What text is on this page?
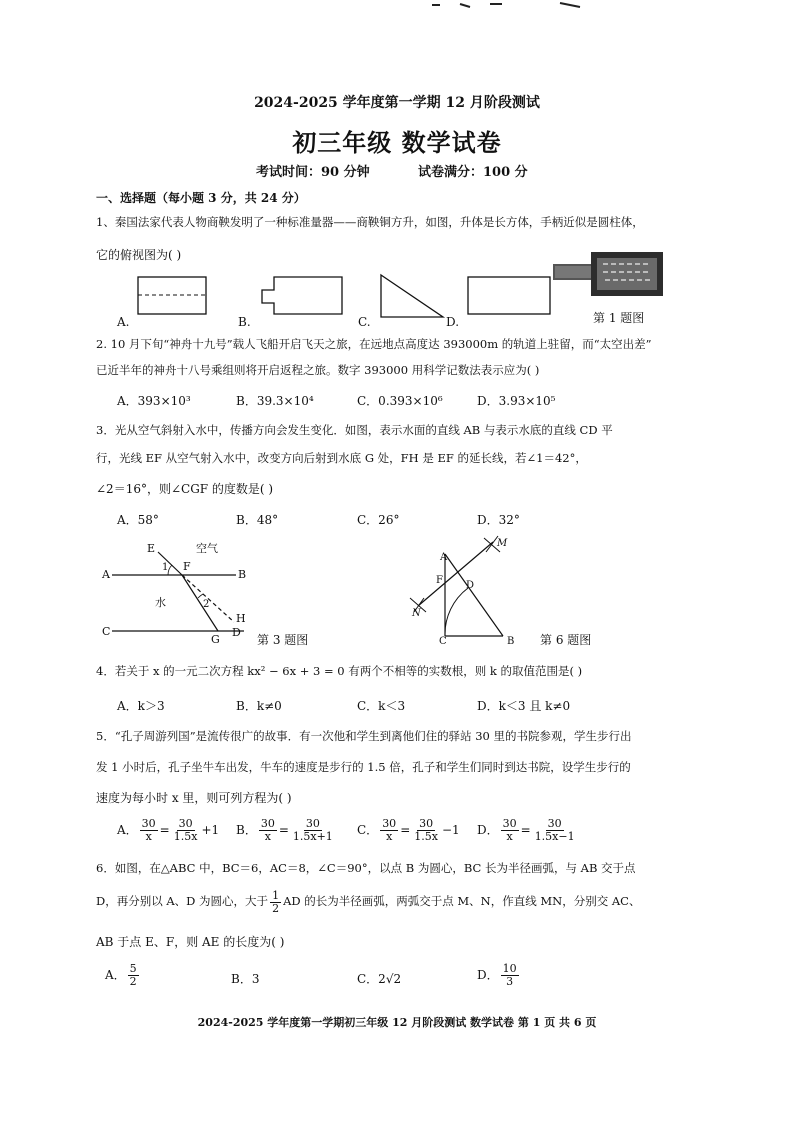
2024-2025 学年度第一学期 12 月阶段测试
初三年级 数学试卷
考试时间：90 分钟	试卷满分：100 分
一、选择题（每小题 3 分，共 24 分）
1、秦国法家代表人物商鞅发明了一种标准量器——商鞅铜方升，如图，升体是长方体，手柄近似是圆柱体，
它的俯视图为( )
A.	B.	C.	D.	第 1 题图
2. 10 月下旬“神舟十九号”载人飞船开启飞天之旅，在远地点高度达 393000m 的轨道上驻留，而“太空出差”
已近半年的神舟十八号乘组则将开启返程之旅。数字 393000 用科学记数法表示应为( )
A．393×10³	B．39.3×10⁴	C．0.393×10⁶	D．3.93×10⁵
3．光从空气斜射入水中，传播方向会发生变化．如图，表示水面的直线 AB 与表示水底的直线 CD 平
行，光线 EF 从空气射入水中，改变方向后射到水底 G 处，FH 是 EF 的延长线，若∠1＝42°，
∠2＝16°，则∠CGF 的度数是( )
A．58°	B．48°	C．26°	D．32°
E	空气
1 F
A	B
水	2
H
C	D
G	第 3 题图
A
M
F D
N
C	B 第 6 题图
4．若关于 x 的一元二次方程 kx² − 6x + 3 = 0 有两个不相等的实数根，则 k 的取值范围是( )
A．k＞3	B．k≠0	C．k＜3	D．k＜3 且 k≠0
5．“孔子周游列国”是流传很广的故事．有一次他和学生到离他们住的驿站 30 里的书院参观，学生步行出
发 1 小时后，孔子坐牛车出发，牛车的速度是步行的 1.5 倍，孔子和学生们同时到达书院，设学生步行的
速度为每小时 x 里，则可列方程为( )
A． $\frac{30}{x} = \frac{30}{1.5x} +1$ B． $\frac{30}{x} = \frac{30}{1.5x+1}$ C． $\frac{30}{x} = \frac{30}{1.5x} -1$ D． $\frac{30}{x} = \frac{30}{1.5x-1}$
6．如图，在△ABC 中，BC＝6，AC＝8，∠C＝90°，以点 B 为圆心，BC 长为半径画弧，与 AB 交于点
D，再分别以 A、D 为圆心，大于 $\frac{1}{2}$ AD 的长为半径画弧，两弧交于点 M、N，作直线 MN，分别交 AC、
AB 于点 E、F，则 AE 的长度为( )
A． $\frac{5}{2}$	B．3	C．2√2	D． $\frac{10}{3}$
2024-2025 学年度第一学期初三年级 12 月阶段测试 数学试卷 第 1 页 共 6 页
